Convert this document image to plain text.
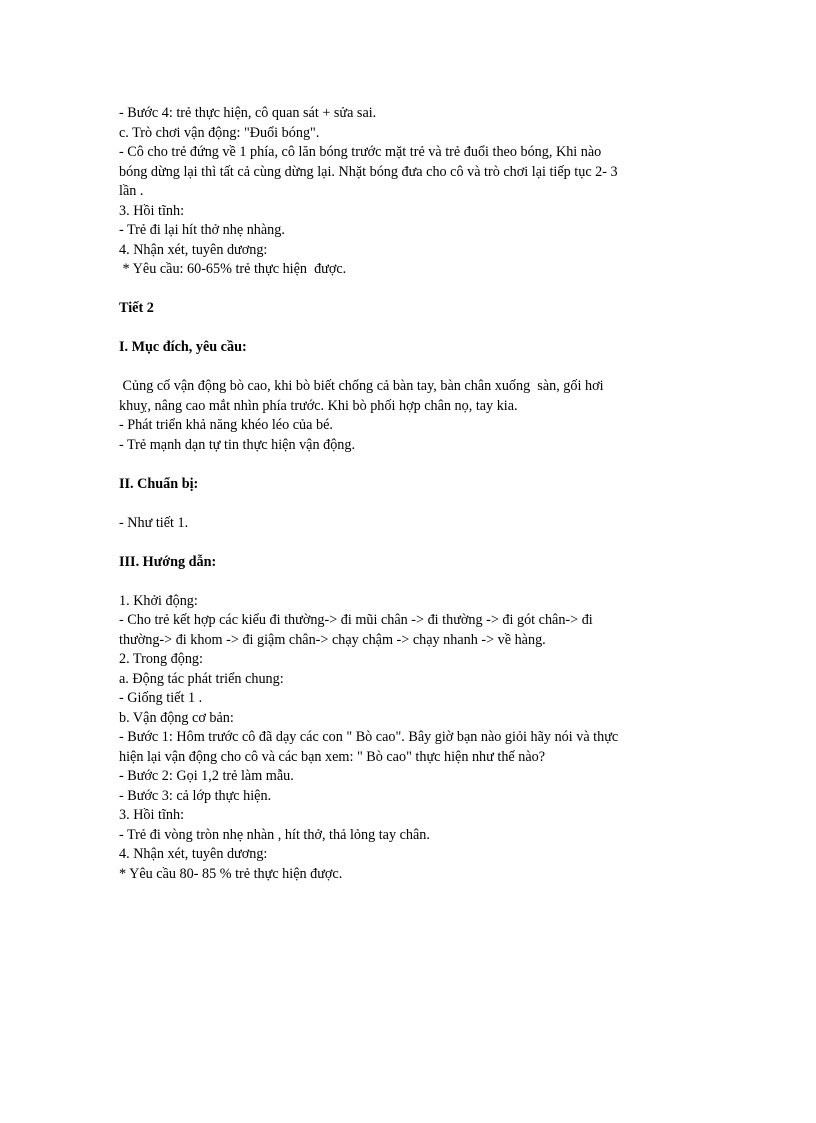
- Bước 4: trẻ thực hiện, cô quan sát + sửa sai.
c. Trò chơi vận động: "Đuổi bóng".
- Cô cho trẻ đứng về 1 phía, cô lăn bóng trước mặt trẻ và trẻ đuổi theo bóng, Khi nào
bóng dừng lại thì tất cả cùng dừng lại. Nhặt bóng đưa cho cô và trò chơi lại tiếp tục 2- 3
lần .
3. Hồi tĩnh:
- Trẻ đi lại hít thở nhẹ nhàng.
4. Nhận xét, tuyên dương:
* Yêu cầu: 60-65% trẻ thực hiện  được.
Tiết 2
I. Mục đích, yêu cầu:
Củng cố vận động bò cao, khi bò biết chống cả bàn tay, bàn chân xuống  sàn, gối hơi
khuỵ, nâng cao mắt nhìn phía trước. Khi bò phối hợp chân nọ, tay kia.
- Phát triển khả năng khéo léo của bé.
- Trẻ mạnh dạn tự tin thực hiện vận động.
II. Chuẩn bị:
- Như tiết 1.
III. Hướng dẫn:
1. Khởi động:
- Cho trẻ kết hợp các kiểu đi thường-> đi mũi chân -> đi thường -> đi gót chân-> đi
thường-> đi khom -> đi giậm chân-> chạy chậm -> chạy nhanh -> về hàng.
2. Trong động:
a. Động tác phát triển chung:
- Giống tiết 1 .
b. Vận động cơ bản:
- Bước 1: Hôm trước cô đã dạy các con " Bò cao". Bây giờ bạn nào giỏi hãy nói và thực
hiện lại vận động cho cô và các bạn xem: " Bò cao" thực hiện như thế nào?
- Bước 2: Gọi 1,2 trẻ làm mẫu.
- Bước 3: cả lớp thực hiện.
3. Hồi tĩnh:
- Trẻ đi vòng tròn nhẹ nhàn , hít thở, thả lỏng tay chân.
4. Nhận xét, tuyên dương:
* Yêu cầu 80- 85 % trẻ thực hiện được.
